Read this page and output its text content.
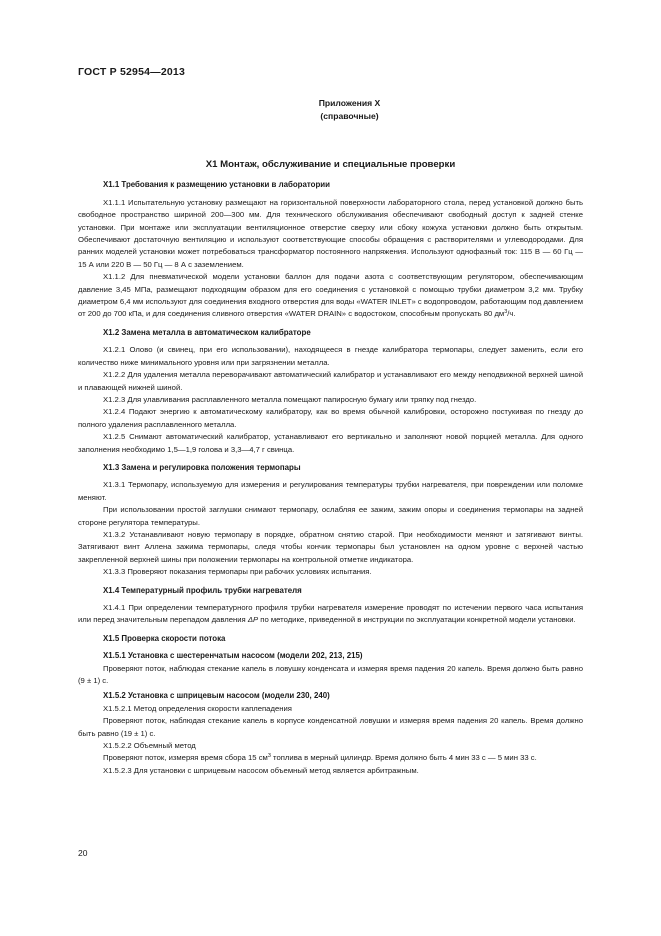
ГОСТ Р 52954—2013
Приложения Х
(справочные)
Х1 Монтаж, обслуживание и специальные проверки
Х1.1 Требования к размещению установки в лаборатории

Х1.1.1 Испытательную установку размещают на горизонтальной поверхности лабораторного стола, перед установкой должно быть свободное пространство шириной 200—300 мм. Для технического обслуживания обеспечивают свободный доступ к задней стенке установки. При монтаже или эксплуатации вентиляционное отверстие сверху или сбоку кожуха установки должно быть открытым. Обеспечивают достаточную вентиляцию и используют соответствующие способы обращения с растворителями и углеводородами. Для ранних моделей установки может потребоваться трансформатор постоянного напряжения. Используют однофазный ток: 115 В — 60 Гц — 15 А или 220 В — 50 Гц — 8 А с заземлением.

Х1.1.2 Для пневматической модели установки баллон для подачи азота с соответствующим регулятором, обеспечивающим давление 3,45 МПа, размещают подходящим образом для его соединения с установкой с помощью трубки диаметром 3,2 мм. Трубку диаметром 6,4 мм используют для соединения входного отверстия для воды «WATER INLET» с водопроводом, работающим под давлением от 200 до 700 кПа, и для соединения сливного отверстия «WATER DRAIN» с водостоком, способным пропускать 80 $дм^3/ч$.

Х1.2 Замена металла в автоматическом калибраторе

Х1.2.1 Олово (и свинец, при его использовании), находящееся в гнезде калибратора термопары, следует заменить, если его количество ниже минимального уровня или при загрязнении металла.

Х1.2.2 Для удаления металла переворачивают автоматический калибратор и устанавливают его между неподвижной верхней шиной и плавающей нижней шиной.

Х1.2.3 Для улавливания расплавленного металла помещают папиросную бумагу или тряпку под гнездо.

Х1.2.4 Подают энергию к автоматическому калибратору, как во время обычной калибровки, осторожно постукивая по гнезду до полного удаления расплавленного металла.

Х1.2.5 Снимают автоматический калибратор, устанавливают его вертикально и заполняют новой порцией металла. Для одного заполнения необходимо 1,5—1,9 голова и 3,3—4,7 г свинца.

Х1.3 Замена и регулировка положения термопары

Х1.3.1 Термопару, используемую для измерения и регулирования температуры трубки нагревателя, при повреждении или поломке меняют.

При использовании простой заглушки снимают термопару, ослабляя ее зажим, зажим опоры и соединения термопары на задней стороне регулятора температуры.

Х1.3.2 Устанавливают новую термопару в порядке, обратном снятию старой. При необходимости меняют и затягивают винты. Затягивают винт Аллена зажима термопары, следя чтобы кончик термопары был установлен на одном уровне с верхней частью закрепленной верхней шины при положении термопары на контрольной отметке индикатора.

Х1.3.3 Проверяют показания термопары при рабочих условиях испытания.

Х1.4 Температурный профиль трубки нагревателя

Х1.4.1 При определении температурного профиля трубки нагревателя измерение проводят по истечении первого часа испытания или перед значительным перепадом давления ΔP по методике, приведенной в инструкции по эксплуатации конкретной модели установки.

Х1.5 Проверка скорости потока
Х1.5.1 Установка с шестеренчатым насосом (модели 202, 213, 215)

Проверяют поток, наблюдая стекание капель в ловушку конденсата и измеряя время падения 20 капель. Время должно быть равно (9 ± 1) с.

Х1.5.2 Установка с шприцевым насосом (модели 230, 240)

Х1.5.2.1 Метод определения скорости каплепадения

Проверяют поток, наблюдая стекание капель в корпусе конденсатной ловушки и измеряя время падения 20 капель. Время должно быть равно (19 ± 1) с.

Х1.5.2.2 Объемный метод

Проверяют поток, измеряя время сбора 15 $см^3$ топлива в мерный цилиндр. Время должно быть 4 мин 33 с — 5 мин 33 с.

Х1.5.2.3 Для установки с шприцевым насосом объемный метод является арбитражным.

20
